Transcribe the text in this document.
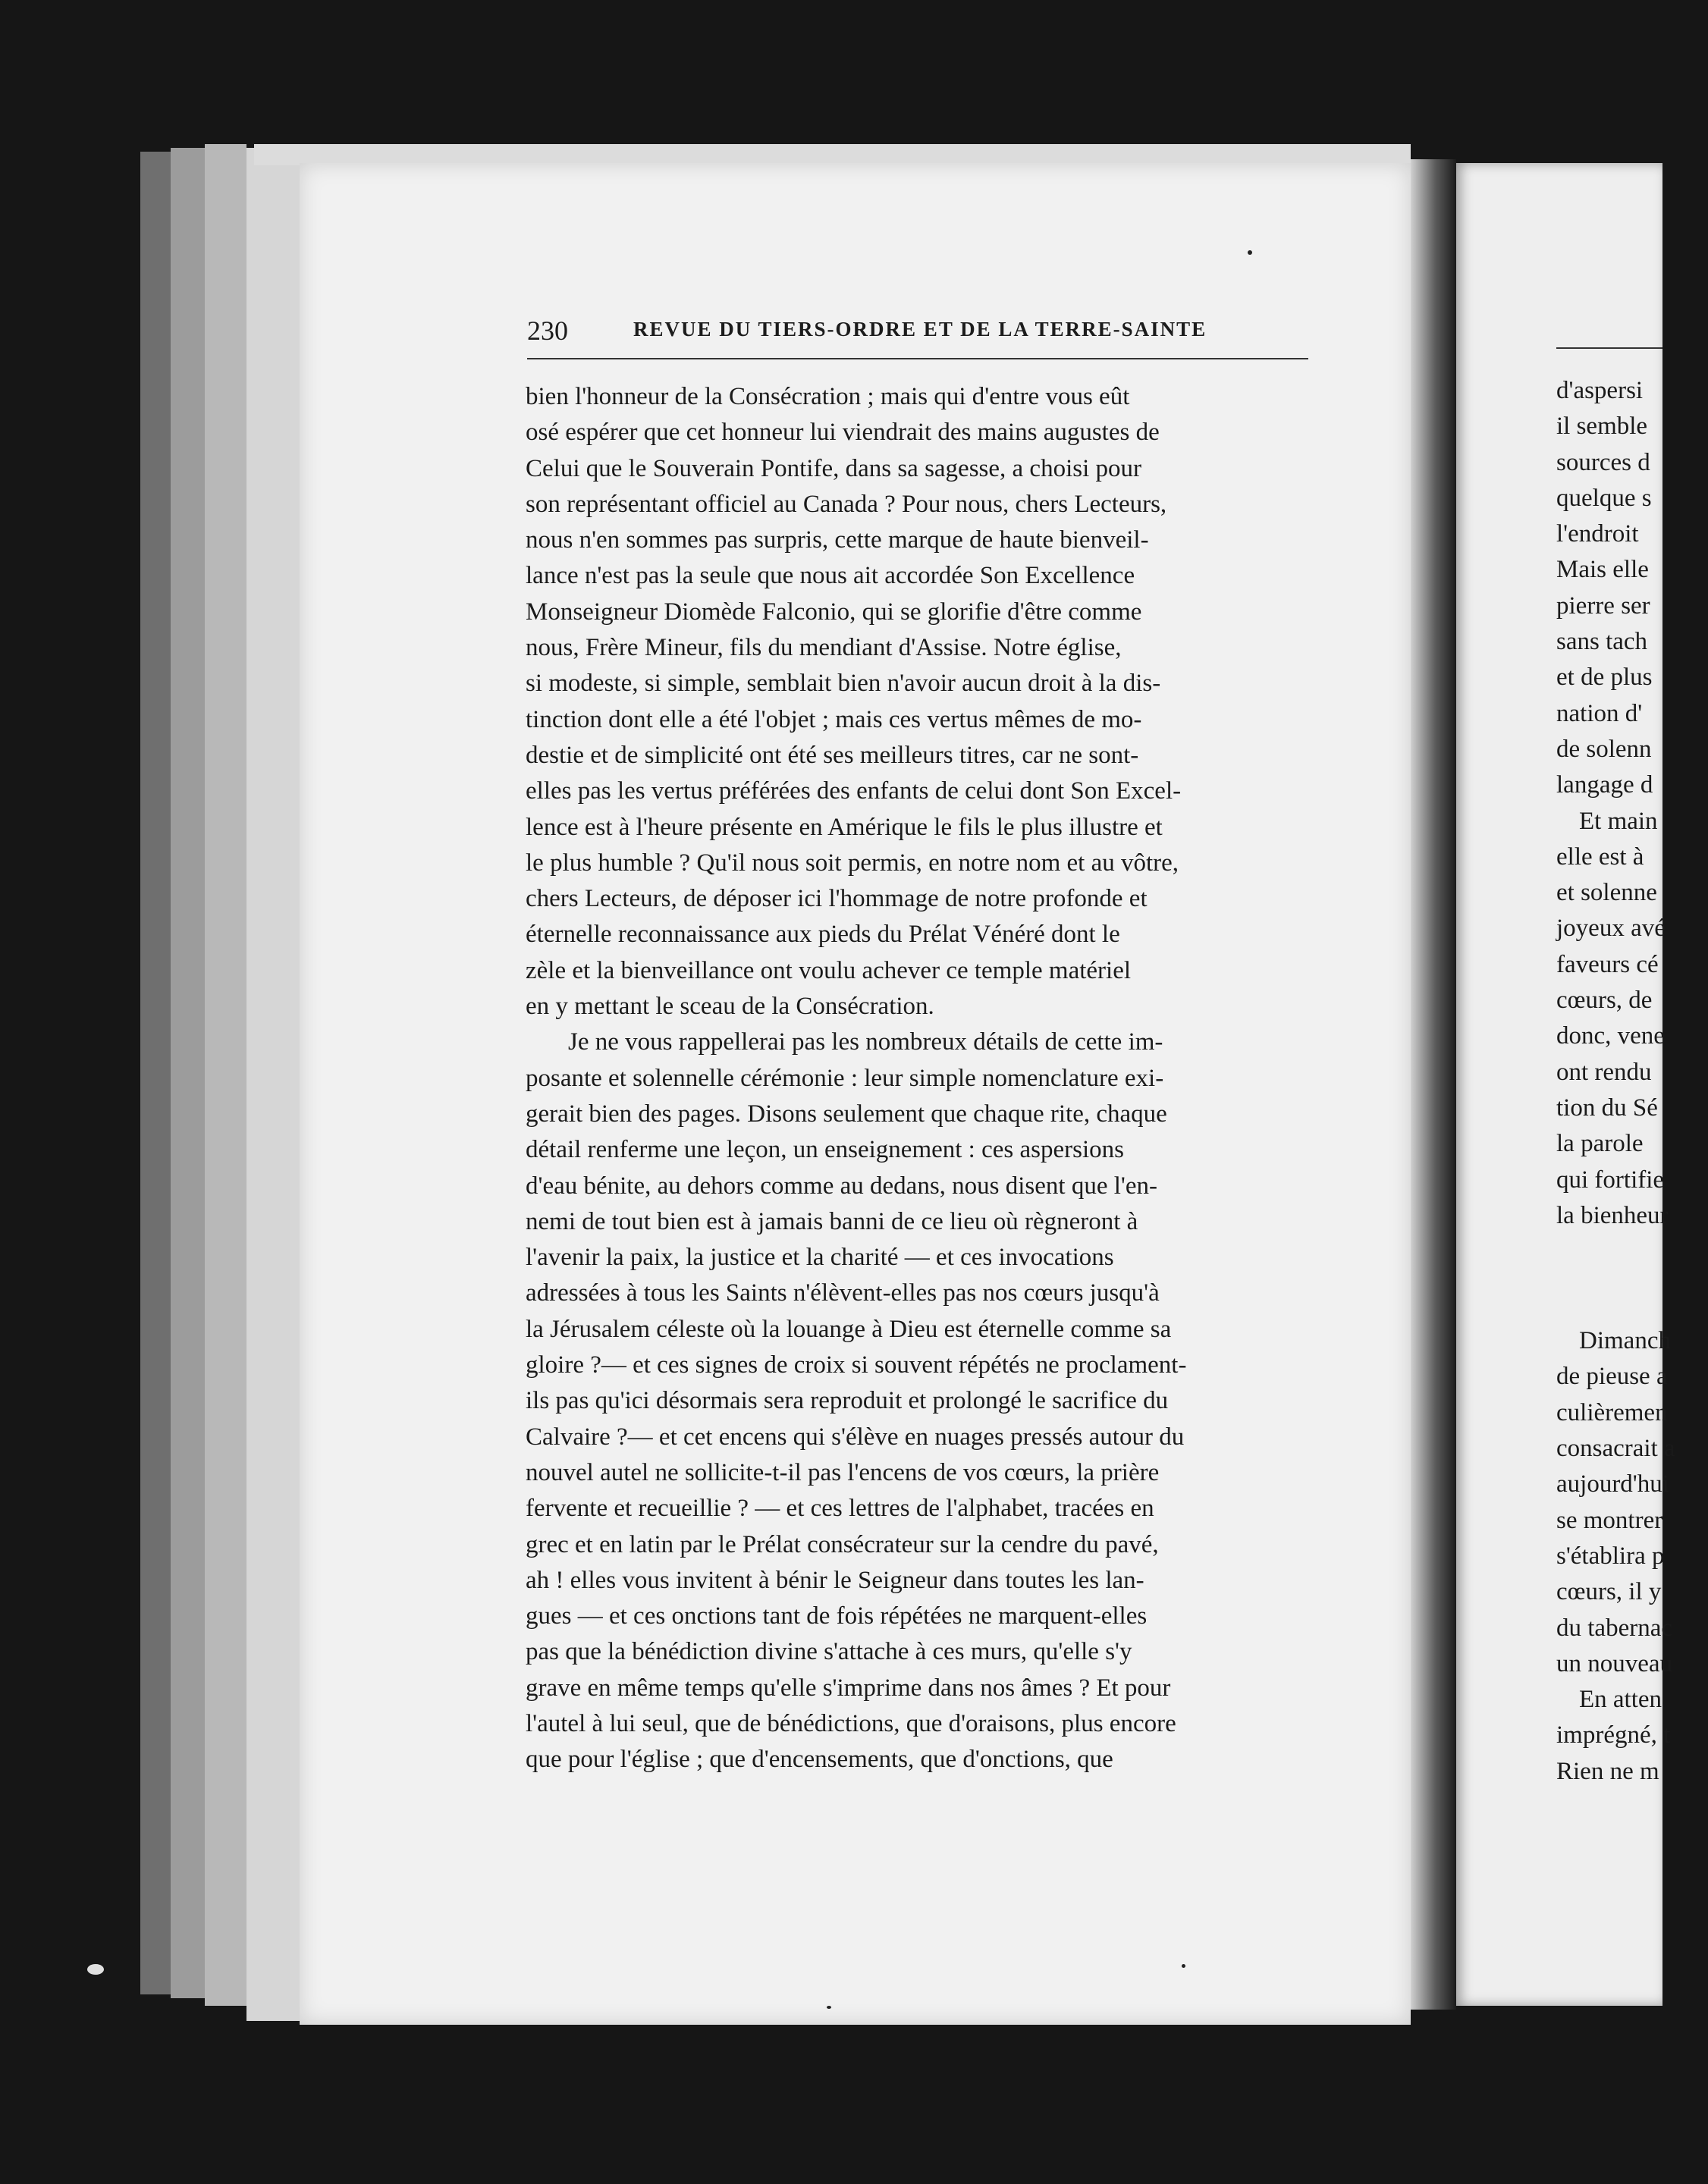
230	REVUE DU TIERS-ORDRE ET DE LA TERRE-SAINTE
bien l'honneur de la Consécration ; mais qui d'entre vous eût
osé espérer que cet honneur lui viendrait des mains augustes de
Celui que le Souverain Pontife, dans sa sagesse, a choisi pour
son représentant officiel au Canada ? Pour nous, chers Lecteurs,
nous n'en sommes pas surpris, cette marque de haute bienveil-
lance n'est pas la seule que nous ait accordée Son Excellence
Monseigneur Diomède Falconio, qui se glorifie d'être comme
nous, Frère Mineur, fils du mendiant d'Assise. Notre église,
si modeste, si simple, semblait bien n'avoir aucun droit à la dis-
tinction dont elle a été l'objet ; mais ces vertus mêmes de mo-
destie et de simplicité ont été ses meilleurs titres, car ne sont-
elles pas les vertus préférées des enfants de celui dont Son Excel-
lence est à l'heure présente en Amérique le fils le plus illustre et
le plus humble ? Qu'il nous soit permis, en notre nom et au vôtre,
chers Lecteurs, de déposer ici l'hommage de notre profonde et
éternelle reconnaissance aux pieds du Prélat Vénéré dont le
zèle et la bienveillance ont voulu achever ce temple matériel
en y mettant le sceau de la Consécration.
Je ne vous rappellerai pas les nombreux détails de cette im-
posante et solennelle cérémonie : leur simple nomenclature exi-
gerait bien des pages. Disons seulement que chaque rite, chaque
détail renferme une leçon, un enseignement : ces aspersions
d'eau bénite, au dehors comme au dedans, nous disent que l'en-
nemi de tout bien est à jamais banni de ce lieu où règneront à
l'avenir la paix, la justice et la charité — et ces invocations
adressées à tous les Saints n'élèvent-elles pas nos cœurs jusqu'à
la Jérusalem céleste où la louange à Dieu est éternelle comme sa
gloire ?— et ces signes de croix si souvent répétés ne proclament-
ils pas qu'ici désormais sera reproduit et prolongé le sacrifice du
Calvaire ?— et cet encens qui s'élève en nuages pressés autour du
nouvel autel ne sollicite-t-il pas l'encens de vos cœurs, la prière
fervente et recueillie ? — et ces lettres de l'alphabet, tracées en
grec et en latin par le Prélat consécrateur sur la cendre du pavé,
ah ! elles vous invitent à bénir le Seigneur dans toutes les lan-
gues — et ces onctions tant de fois répétées ne marquent-elles
pas que la bénédiction divine s'attache à ces murs, qu'elle s'y
grave en même temps qu'elle s'imprime dans nos âmes ? Et pour
l'autel à lui seul, que de bénédictions, que d'oraisons, plus encore
que pour l'église ; que d'encensements, que d'onctions, que
d'aspersi
il semble
sources d
quelque s
l'endroit
Mais elle
pierre ser
sans tach
et de plus
nation d'
de solenn
langage d
Et main
elle est à
et solenne
joyeux avé
faveurs cé
cœurs, de
donc, vene
ont rendu
tion du Sé
la parole
qui fortifie
la bienheur
Dimanch
de pieuse a
culièremen
consacrait a
aujourd'hui
se montrer
s'établira p
cœurs, il y
du tabernac
un nouveau
En atten
imprégné, t
Rien ne m
